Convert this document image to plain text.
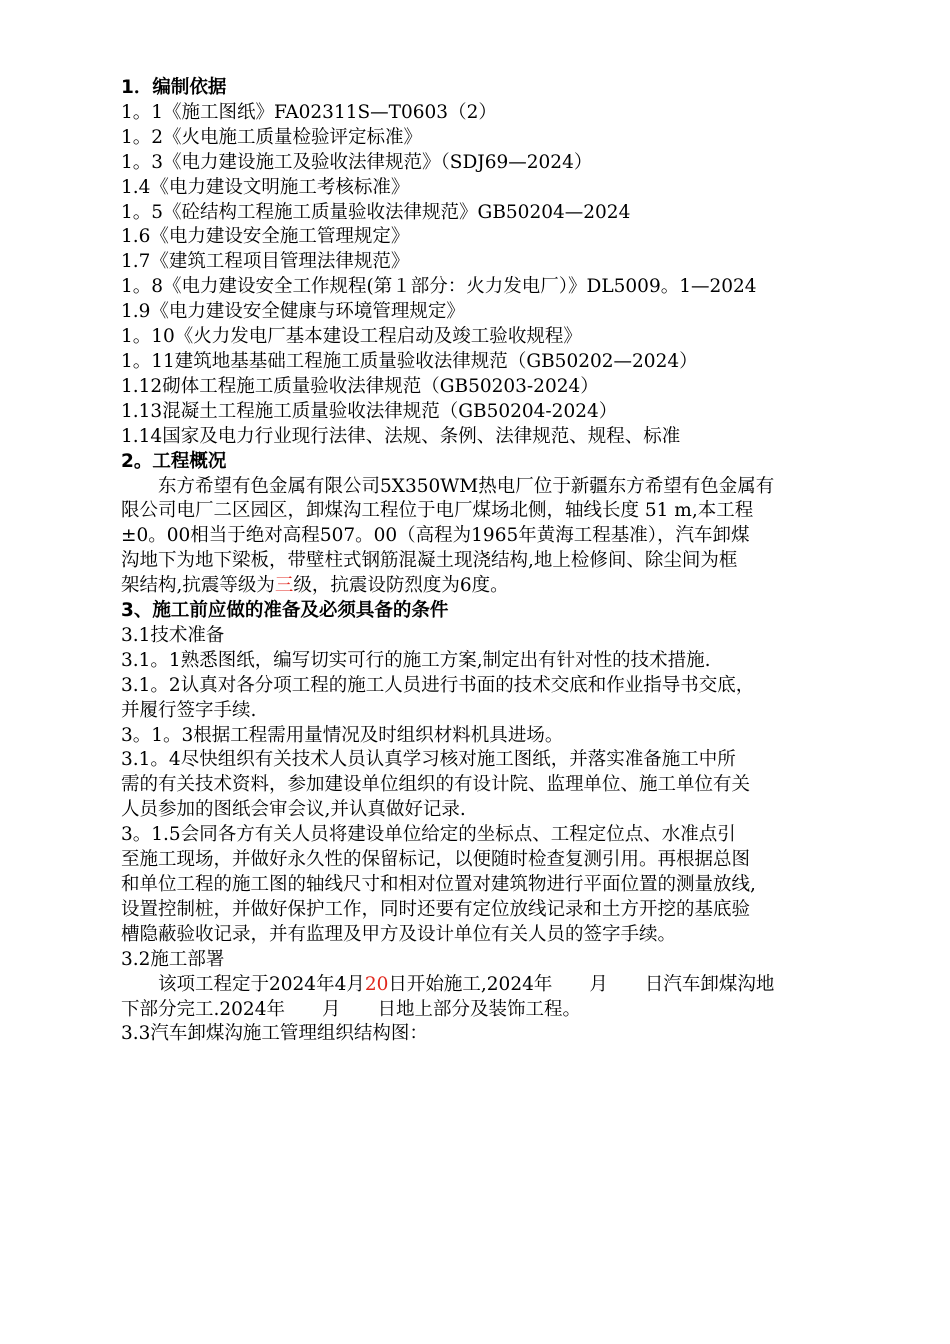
1．编制依据
1。1《施工图纸》FA02311S—T0603（2）
1。2《火电施工质量检验评定标准》
1。3《电力建设施工及验收法律规范》（SDJ69—2024）
1.4《电力建设文明施工考核标准》
1。5《砼结构工程施工质量验收法律规范》GB50204—2024
1.6《电力建设安全施工管理规定》
1.7《建筑工程项目管理法律规范》
1。8《电力建设安全工作规程(第１部分：火力发电厂）》DL5009。1—2024
1.9《电力建设安全健康与环境管理规定》
1。10《火力发电厂基本建设工程启动及竣工验收规程》
1。11建筑地基基础工程施工质量验收法律规范（GB50202—2024）
1.12砌体工程施工质量验收法律规范（GB50203-2024）
1.13混凝土工程施工质量验收法律规范（GB50204-2024）
1.14国家及电力行业现行法律、法规、条例、法律规范、规程、标准
2。工程概况
东方希望有色金属有限公司5X350WM热电厂位于新疆东方希望有色金属有
限公司电厂二区园区，卸煤沟工程位于电厂煤场北侧，轴线长度 51 m,本工程
±0。00相当于绝对高程507。00（高程为1965年黄海工程基准），汽车卸煤
沟地下为地下梁板，带壁柱式钢筋混凝土现浇结构,地上检修间、除尘间为框
架结构,抗震等级为三级，抗震设防烈度为6度。
3、施工前应做的准备及必须具备的条件
3.1技术准备
3.1。1熟悉图纸，编写切实可行的施工方案,制定出有针对性的技术措施.
3.1。2认真对各分项工程的施工人员进行书面的技术交底和作业指导书交底，
并履行签字手续.
3。1。3根据工程需用量情况及时组织材料机具进场。
3.1。4尽快组织有关技术人员认真学习核对施工图纸，并落实准备施工中所
需的有关技术资料，参加建设单位组织的有设计院、监理单位、施工单位有关
人员参加的图纸会审会议,并认真做好记录.
3。1.5会同各方有关人员将建设单位给定的坐标点、工程定位点、水准点引
至施工现场，并做好永久性的保留标记，以便随时检查复测引用。再根据总图
和单位工程的施工图的轴线尺寸和相对位置对建筑物进行平面位置的测量放线,
设置控制桩，并做好保护工作，同时还要有定位放线记录和土方开挖的基底验
槽隐蔽验收记录，并有监理及甲方及设计单位有关人员的签字手续。
3.2施工部署
该项工程定于2024年4月20日开始施工,2024年　　月　　日汽车卸煤沟地
下部分完工.2024年　　月　　日地上部分及装饰工程。
3.3汽车卸煤沟施工管理组织结构图：
